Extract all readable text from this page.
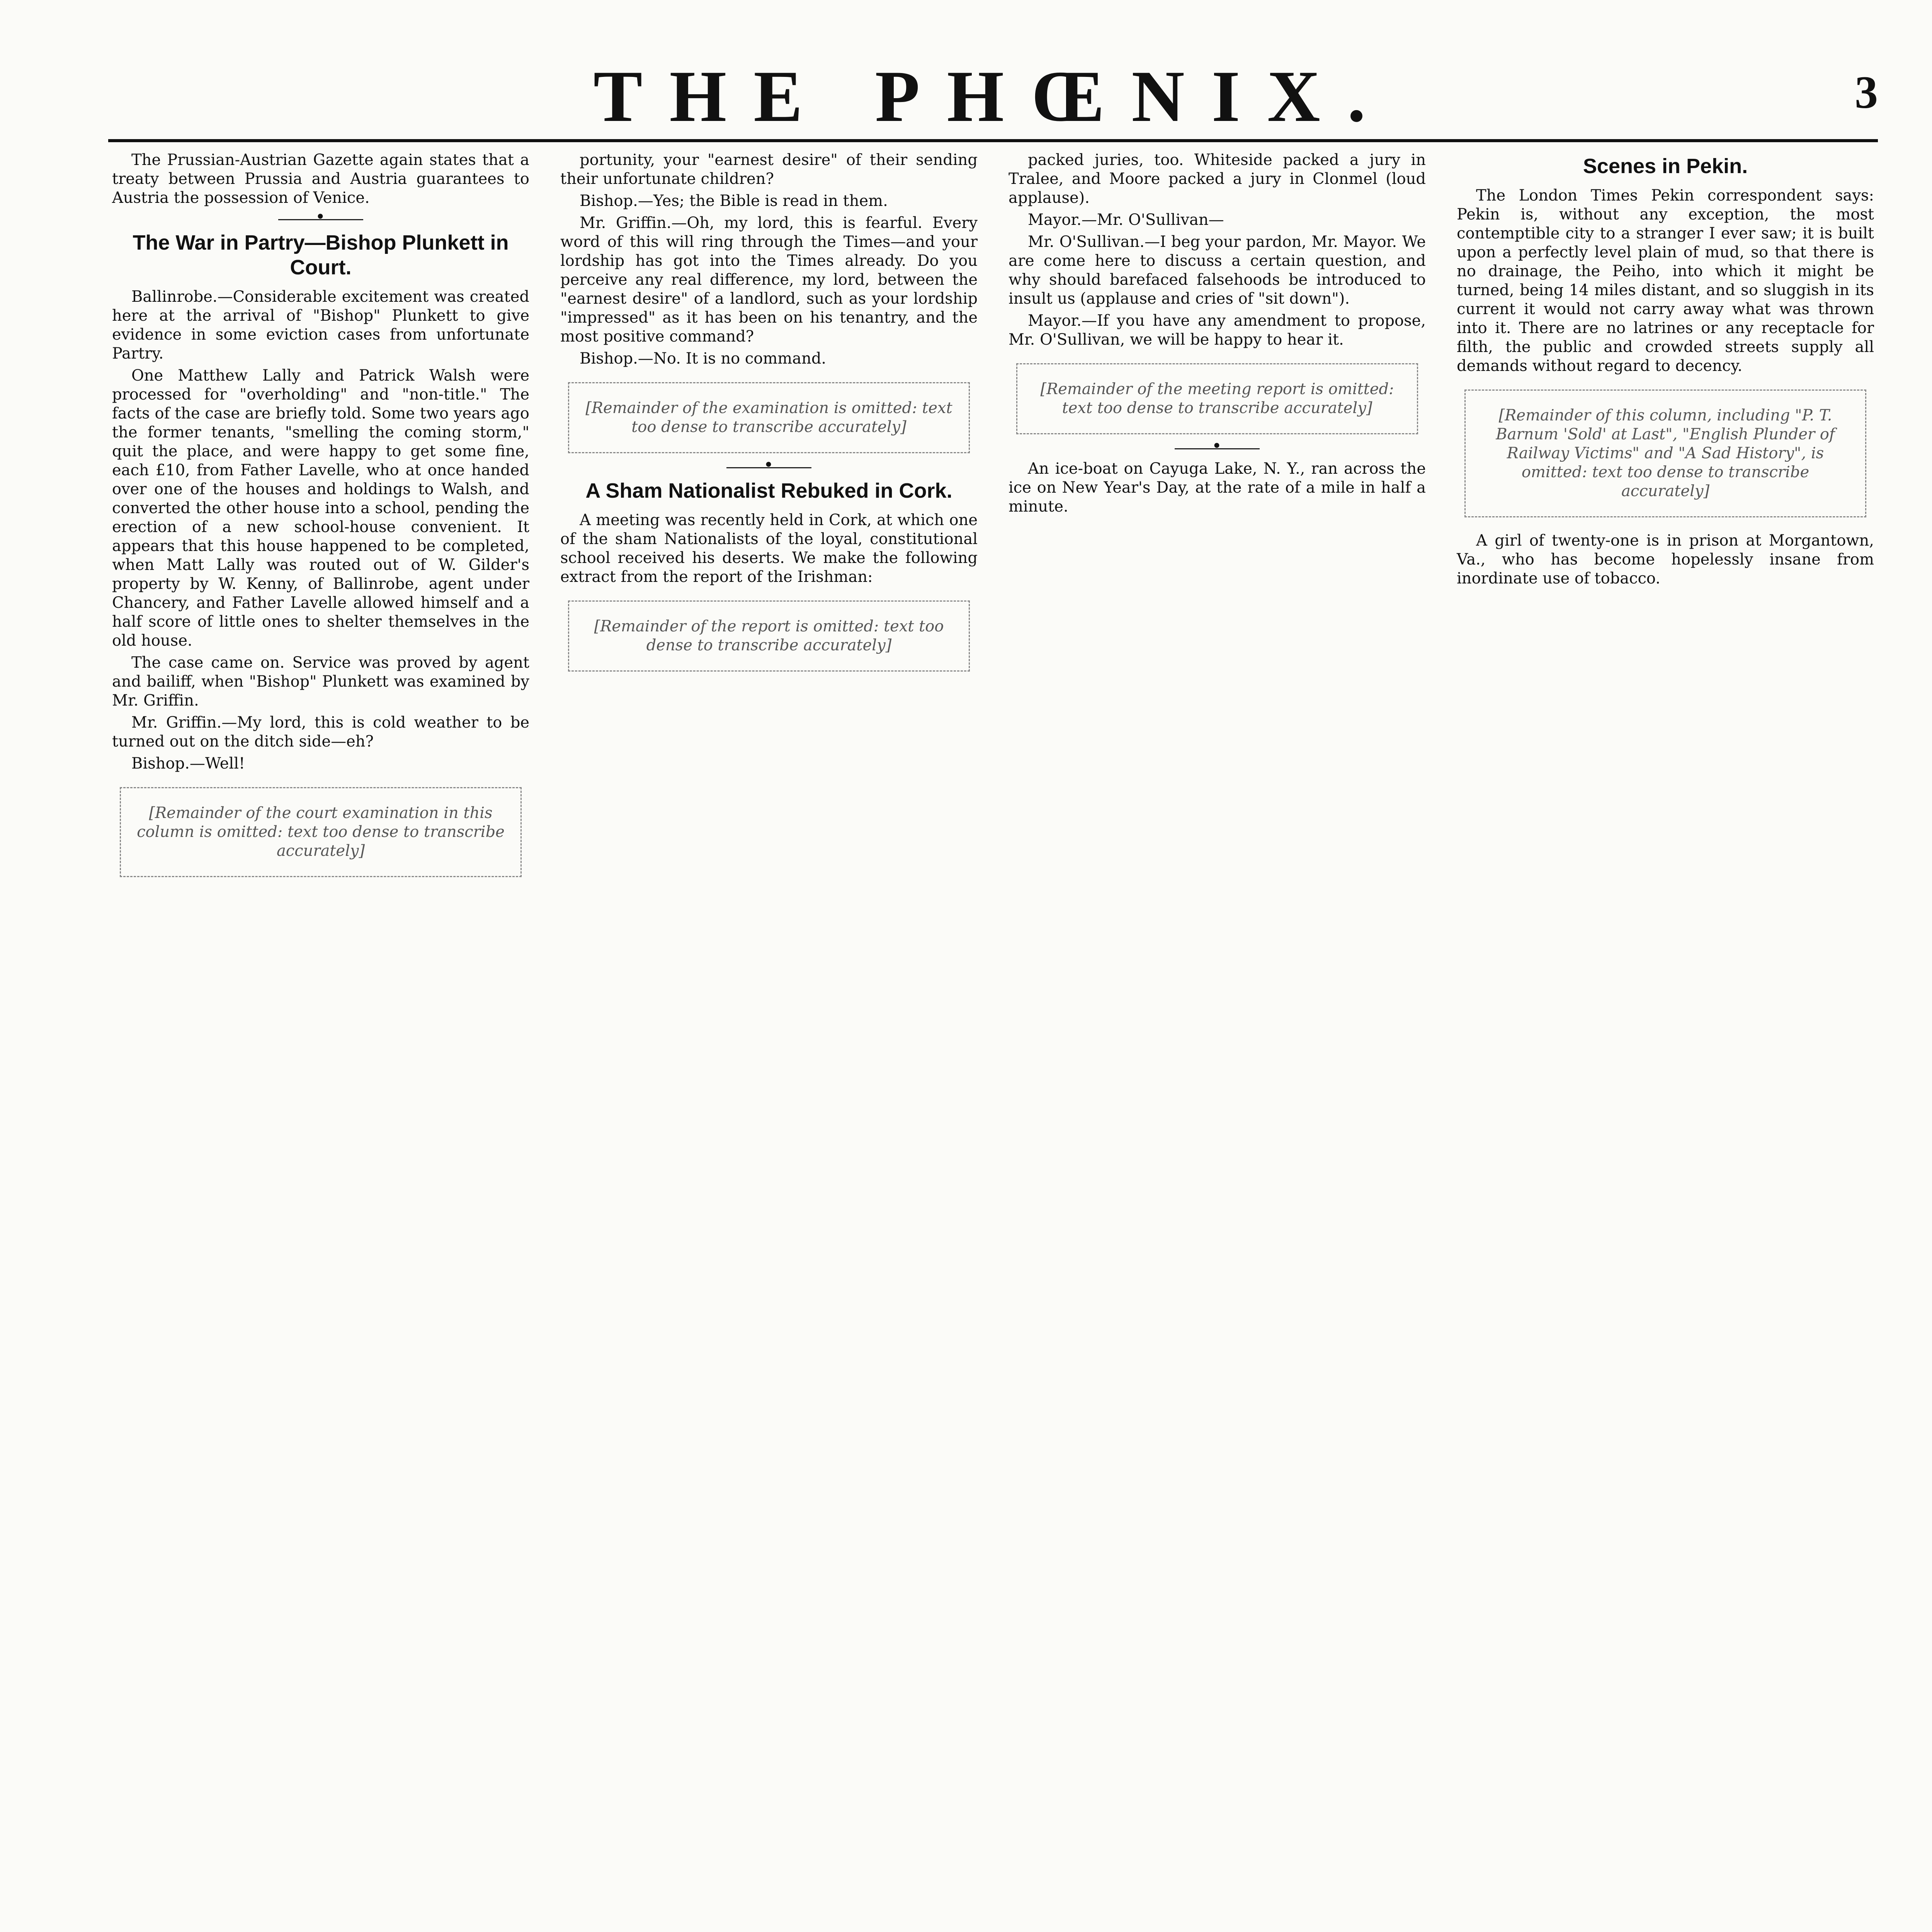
THE PHŒNIX.	3

The Prussian-Austrian Gazette again states that a treaty between Prussia and Austria guarantees to Austria the possession of Venice.

•
The War in Partry—Bishop Plunkett in Court.

Ballinrobe.—Considerable excitement was created here at the arrival of "Bishop" Plunkett to give evidence in some eviction cases from unfortunate Partry.

One Matthew Lally and Patrick Walsh were processed for "overholding" and "non-title." The facts of the case are briefly told. Some two years ago the former tenants, "smelling the coming storm," quit the place, and were happy to get some fine, each £10, from Father Lavelle, who at once handed over one of the houses and holdings to Walsh, and converted the other house into a school, pending the erection of a new school-house convenient. It appears that this house happened to be completed, when Matt Lally was routed out of W. Gilder's property by W. Kenny, of Ballinrobe, agent under Chancery, and Father Lavelle allowed himself and a half score of little ones to shelter themselves in the old house.

The case came on. Service was proved by agent and bailiff, when "Bishop" Plunkett was examined by Mr. Griffin.

Mr. Griffin.—My lord, this is cold weather to be turned out on the ditch side—eh?

Bishop.—Well!

[Remainder of the court examination in this column is omitted: text too dense to transcribe accurately]

portunity, your "earnest desire" of their sending their unfortunate children?

Bishop.—Yes; the Bible is read in them.

Mr. Griffin.—Oh, my lord, this is fearful. Every word of this will ring through the Times—and your lordship has got into the Times already. Do you perceive any real difference, my lord, between the "earnest desire" of a landlord, such as your lordship "impressed" as it has been on his tenantry, and the most positive command?

Bishop.—No. It is no command.

[Remainder of the examination is omitted: text too dense to transcribe accurately]
•
A Sham Nationalist Rebuked in Cork.

A meeting was recently held in Cork, at which one of the sham Nationalists of the loyal, constitutional school received his deserts. We make the following extract from the report of the Irishman:

[Remainder of the report is omitted: text too dense to transcribe accurately]

packed juries, too. Whiteside packed a jury in Tralee, and Moore packed a jury in Clonmel (loud applause).

Mayor.—Mr. O'Sullivan—

Mr. O'Sullivan.—I beg your pardon, Mr. Mayor. We are come here to discuss a certain question, and why should barefaced falsehoods be introduced to insult us (applause and cries of "sit down").

Mayor.—If you have any amendment to propose, Mr. O'Sullivan, we will be happy to hear it.

[Remainder of the meeting report is omitted: text too dense to transcribe accurately]
•

An ice-boat on Cayuga Lake, N. Y., ran across the ice on New Year's Day, at the rate of a mile in half a minute.

Scenes in Pekin.

The London Times Pekin correspondent says: Pekin is, without any exception, the most contemptible city to a stranger I ever saw; it is built upon a perfectly level plain of mud, so that there is no drainage, the Peiho, into which it might be turned, being 14 miles distant, and so sluggish in its current it would not carry away what was thrown into it. There are no latrines or any receptacle for filth, the public and crowded streets supply all demands without regard to decency.

[Remainder of this column, including "P. T. Barnum 'Sold' at Last", "English Plunder of Railway Victims" and "A Sad History", is omitted: text too dense to transcribe accurately]

A girl of twenty-one is in prison at Morgantown, Va., who has become hopelessly insane from inordinate use of tobacco.
